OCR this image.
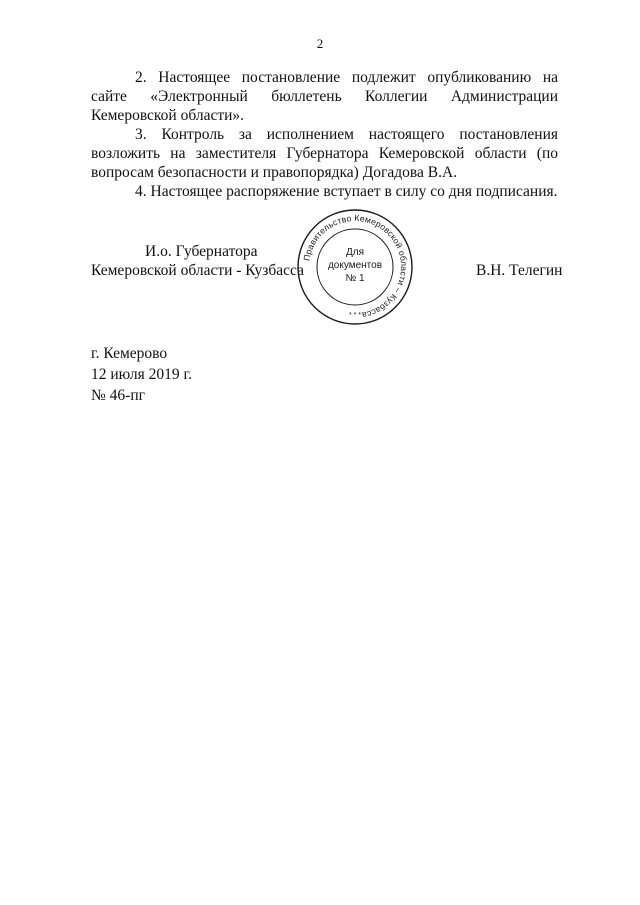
2

2. Настоящее постановление подлежит опубликованию на сайте «Электронный бюллетень Коллегии Администрации Кемеровской области».

3. Контроль за исполнением настоящего постановления возложить на заместителя Губернатора Кемеровской области (по вопросам безопасности и правопорядка) Догадова В.А.

4. Настоящее распоряжение вступает в силу со дня подписания.

И.о. Губернатора
Кемеровской области - Кузбасса
Правительство Кемеровской области – Кузбасса
Для
документов
№ 1
* * *
В.Н. Телегин
г. Кемерово
12 июля 2019 г.
№ 46-пг
